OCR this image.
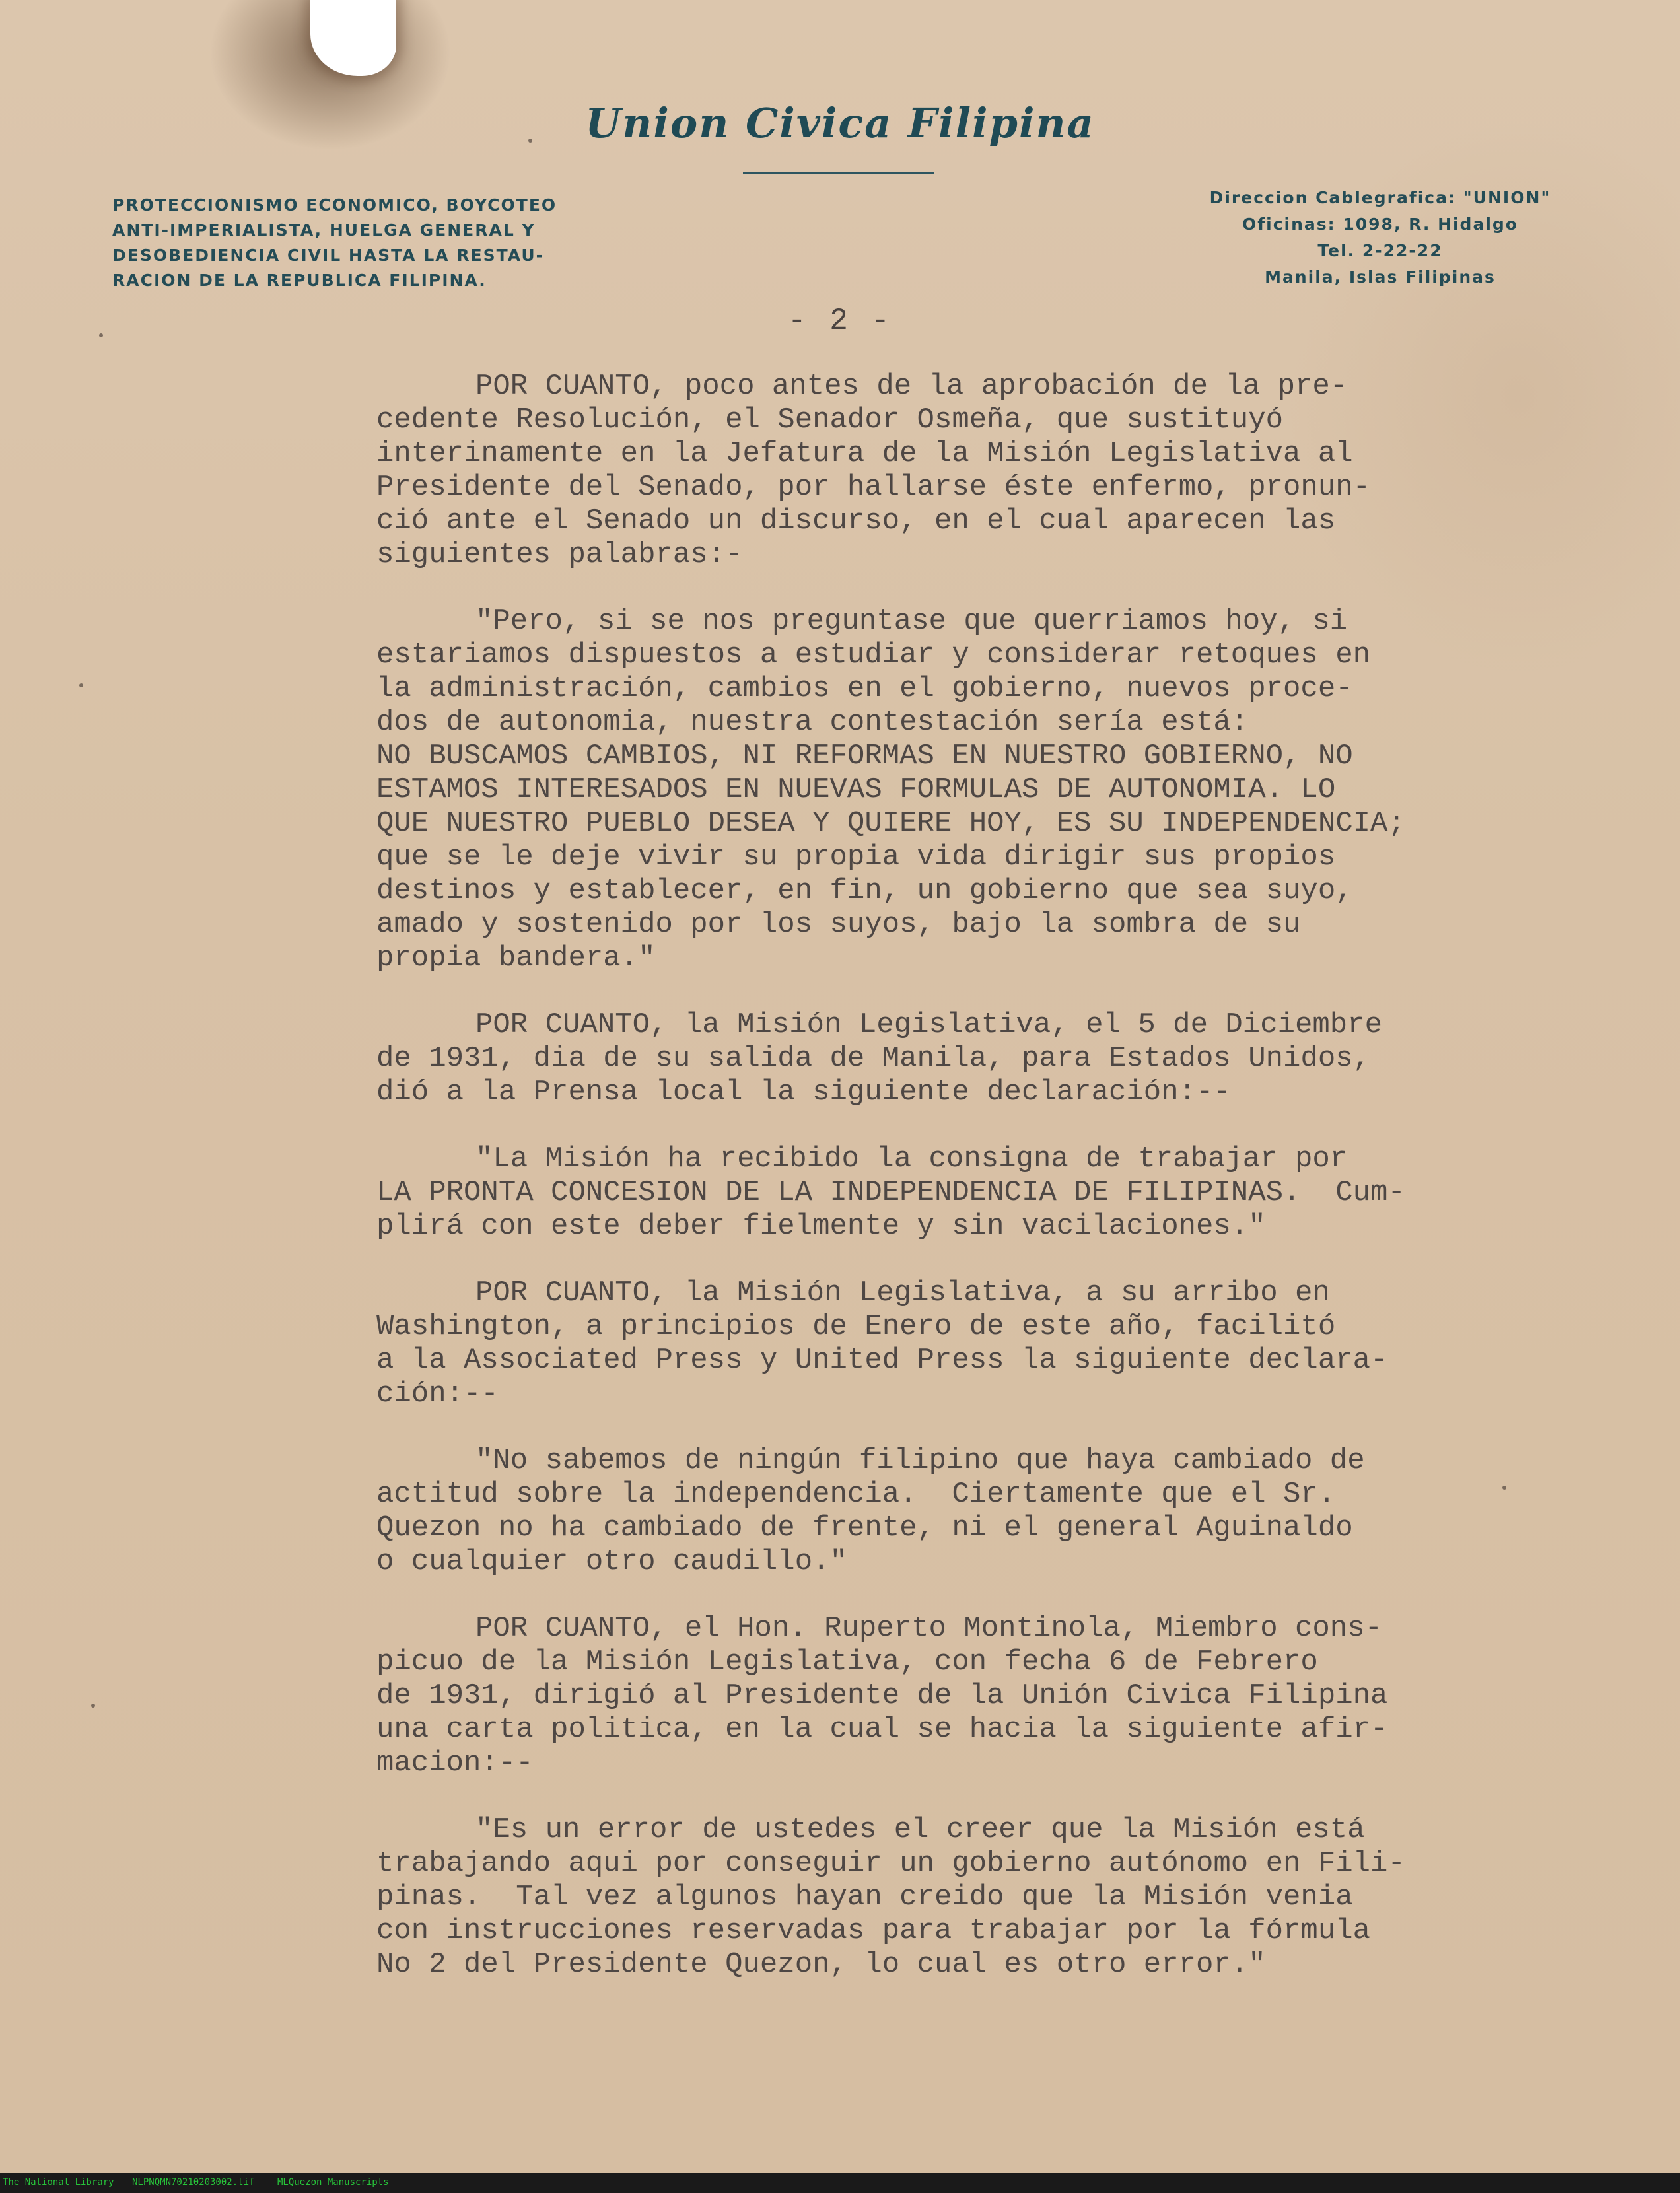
Union Civica Filipina
PROTECCIONISMO ECONOMICO, BOYCOTEO
ANTI-IMPERIALISTA, HUELGA GENERAL Y
DESOBEDIENCIA CIVIL HASTA LA RESTAU-
RACION DE LA REPUBLICA FILIPINA.
Direccion Cablegrafica: "UNION"
Oficinas: 1098, R. Hidalgo
Tel. 2-22-22
Manila, Islas Filipinas
- 2 -
POR CUANTO, poco antes de la aprobación de la pre-
cedente Resolución, el Senador Osmeña, que sustituyó
interinamente en la Jefatura de la Misión Legislativa al
Presidente del Senado, por hallarse éste enfermo, pronun-
ció ante el Senado un discurso, en el cual aparecen las
siguientes palabras:-
"Pero, si se nos preguntase que querriamos hoy, si
estariamos dispuestos a estudiar y considerar retoques en
la administración, cambios en el gobierno, nuevos proce-
dos de autonomia, nuestra contestación sería está:
NO BUSCAMOS CAMBIOS, NI REFORMAS EN NUESTRO GOBIERNO, NO
ESTAMOS INTERESADOS EN NUEVAS FORMULAS DE AUTONOMIA. LO
QUE NUESTRO PUEBLO DESEA Y QUIERE HOY, ES SU INDEPENDENCIA;
que se le deje vivir su propia vida dirigir sus propios
destinos y establecer, en fin, un gobierno que sea suyo,
amado y sostenido por los suyos, bajo la sombra de su
propia bandera."
POR CUANTO, la Misión Legislativa, el 5 de Diciembre
de 1931, dia de su salida de Manila, para Estados Unidos,
dió a la Prensa local la siguiente declaración:--
"La Misión ha recibido la consigna de trabajar por
LA PRONTA CONCESION DE LA INDEPENDENCIA DE FILIPINAS.  Cum-
plirá con este deber fielmente y sin vacilaciones."
POR CUANTO, la Misión Legislativa, a su arribo en
Washington, a principios de Enero de este año, facilitó
a la Associated Press y United Press la siguiente declara-
ción:--
"No sabemos de ningún filipino que haya cambiado de
actitud sobre la independencia.  Ciertamente que el Sr.
Quezon no ha cambiado de frente, ni el general Aguinaldo
o cualquier otro caudillo."
POR CUANTO, el Hon. Ruperto Montinola, Miembro cons-
picuo de la Misión Legislativa, con fecha 6 de Febrero
de 1931, dirigió al Presidente de la Unión Civica Filipina
una carta politica, en la cual se hacia la siguiente afir-
macion:--
"Es un error de ustedes el creer que la Misión está
trabajando aqui por conseguir un gobierno autónomo en Fili-
pinas.  Tal vez algunos hayan creido que la Misión venia
con instrucciones reservadas para trabajar por la fórmula
No 2 del Presidente Quezon, lo cual es otro error."
The National Library NLPNQMN70210203002.tif MLQuezon Manuscripts
